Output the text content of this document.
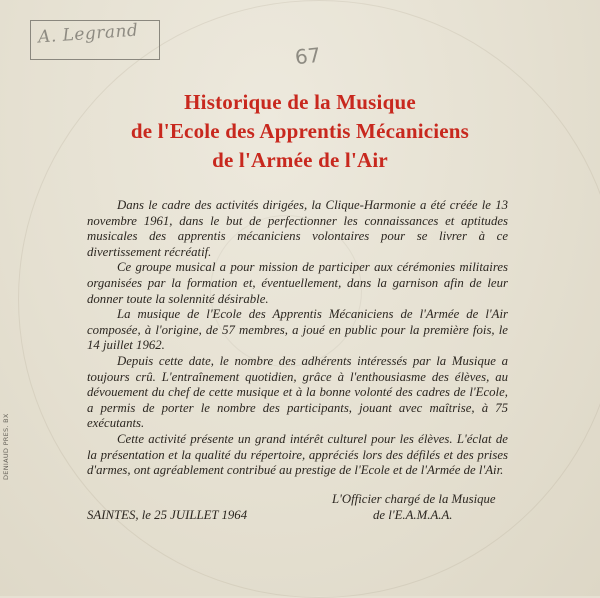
A. Legrand
67
Historique de la Musique
de l'Ecole des Apprentis Mécaniciens
de l'Armée de l'Air

Dans le cadre des activités dirigées, la Clique-Harmonie a été créée le 13 novembre 1961, dans le but de perfectionner les connaissances et aptitudes musicales des apprentis mécaniciens volontaires pour se livrer à ce divertissement récréatif.

Ce groupe musical a pour mission de participer aux cérémonies militaires organisées par la formation et, éventuellement, dans la garnison afin de leur donner toute la solennité désirable.

La musique de l'Ecole des Apprentis Mécaniciens de l'Armée de l'Air composée, à l'origine, de 57 membres, a joué en public pour la première fois, le 14 juillet 1962.

Depuis cette date, le nombre des adhérents intéressés par la Musique a toujours crû. L'entraînement quotidien, grâce à l'enthousiasme des élèves, au dévouement du chef de cette musique et à la bonne volonté des cadres de l'Ecole, a permis de porter le nombre des participants, jouant avec maîtrise, à 75 exécutants.

Cette activité présente un grand intérêt culturel pour les élèves. L'éclat de la présentation et la qualité du répertoire, appréciés lors des défilés et des prises d'armes, ont agréablement contribué au prestige de l'Ecole et de l'Armée de l'Air.

L'Officier chargé de la Musique
de l'E.A.M.A.A.
SAINTES, le 25 JUILLET 1964
DENIAUD PRES. BX
